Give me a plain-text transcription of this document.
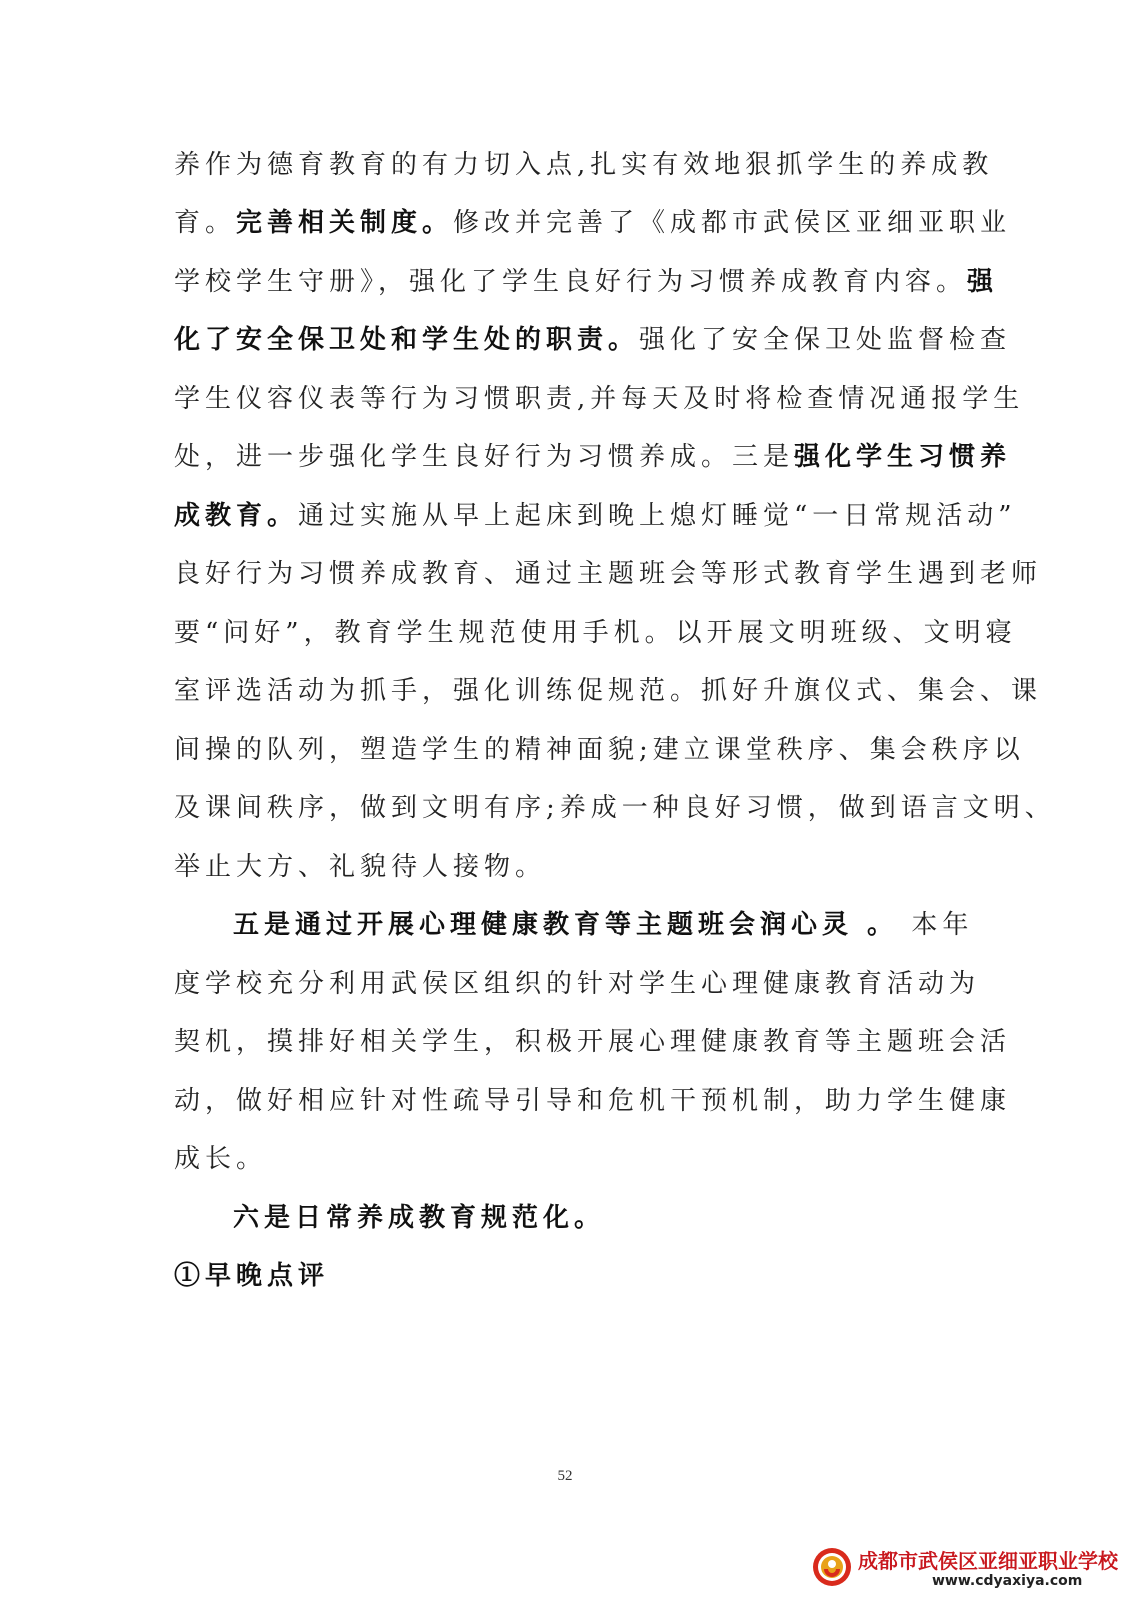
养作为德育教育的有力切入点,扎实有效地狠抓学生的养成教
育。完善相关制度。修改并完善了《成都市武侯区亚细亚职业
学校学生守册》，强化了学生良好行为习惯养成教育内容。强
化了安全保卫处和学生处的职责。强化了安全保卫处监督检查
学生仪容仪表等行为习惯职责,并每天及时将检查情况通报学生
处，进一步强化学生良好行为习惯养成。三是强化学生习惯养
成教育。通过实施从早上起床到晚上熄灯睡觉“一日常规活动”
良好行为习惯养成教育、通过主题班会等形式教育学生遇到老师
要“问好”，教育学生规范使用手机。以开展文明班级、文明寝
室评选活动为抓手，强化训练促规范。抓好升旗仪式、集会、课
间操的队列，塑造学生的精神面貌;建立课堂秩序、集会秩序以
及课间秩序，做到文明有序;养成一种良好习惯，做到语言文明、
举止大方、礼貌待人接物。
五是通过开展心理健康教育等主题班会润心灵 。 本年
度学校充分利用武侯区组织的针对学生心理健康教育活动为
契机，摸排好相关学生，积极开展心理健康教育等主题班会活
动，做好相应针对性疏导引导和危机干预机制，助力学生健康
成长。
六是日常养成教育规范化。
①早晚点评
52
成都市武侯区亚细亚职业学校
www.cdyaxiya.com
